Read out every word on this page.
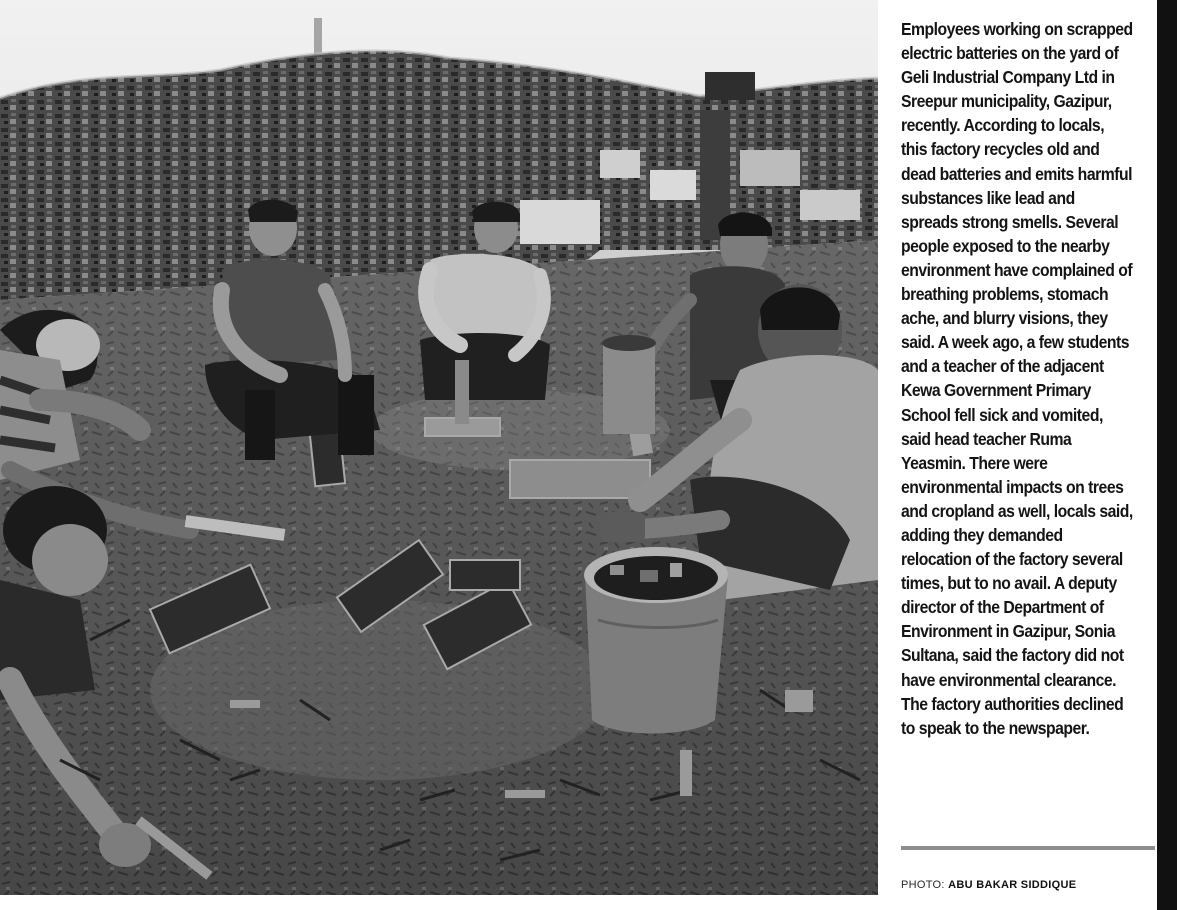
Employees working on scrapped electric batteries on the yard of Geli Industrial Company Ltd in Sreepur municipality, Gazipur, recently. According to locals, this factory recycles old and dead batteries and emits harmful substances like lead and spreads strong smells. Several people exposed to the nearby environment have complained of breathing problems, stomach ache, and blurry visions, they said. A week ago, a few students and a teacher of the adjacent Kewa Government Primary School fell sick and vomited, said head teacher Ruma Yeasmin. There were environmental impacts on trees and cropland as well, locals said, adding they demanded relocation of the factory several times, but to no avail. A deputy director of the Department of Environment in Gazipur, Sonia Sultana, said the factory did not have environmental clearance. The factory authorities declined to speak to the newspaper.
PHOTO: ABU BAKAR SIDDIQUE
